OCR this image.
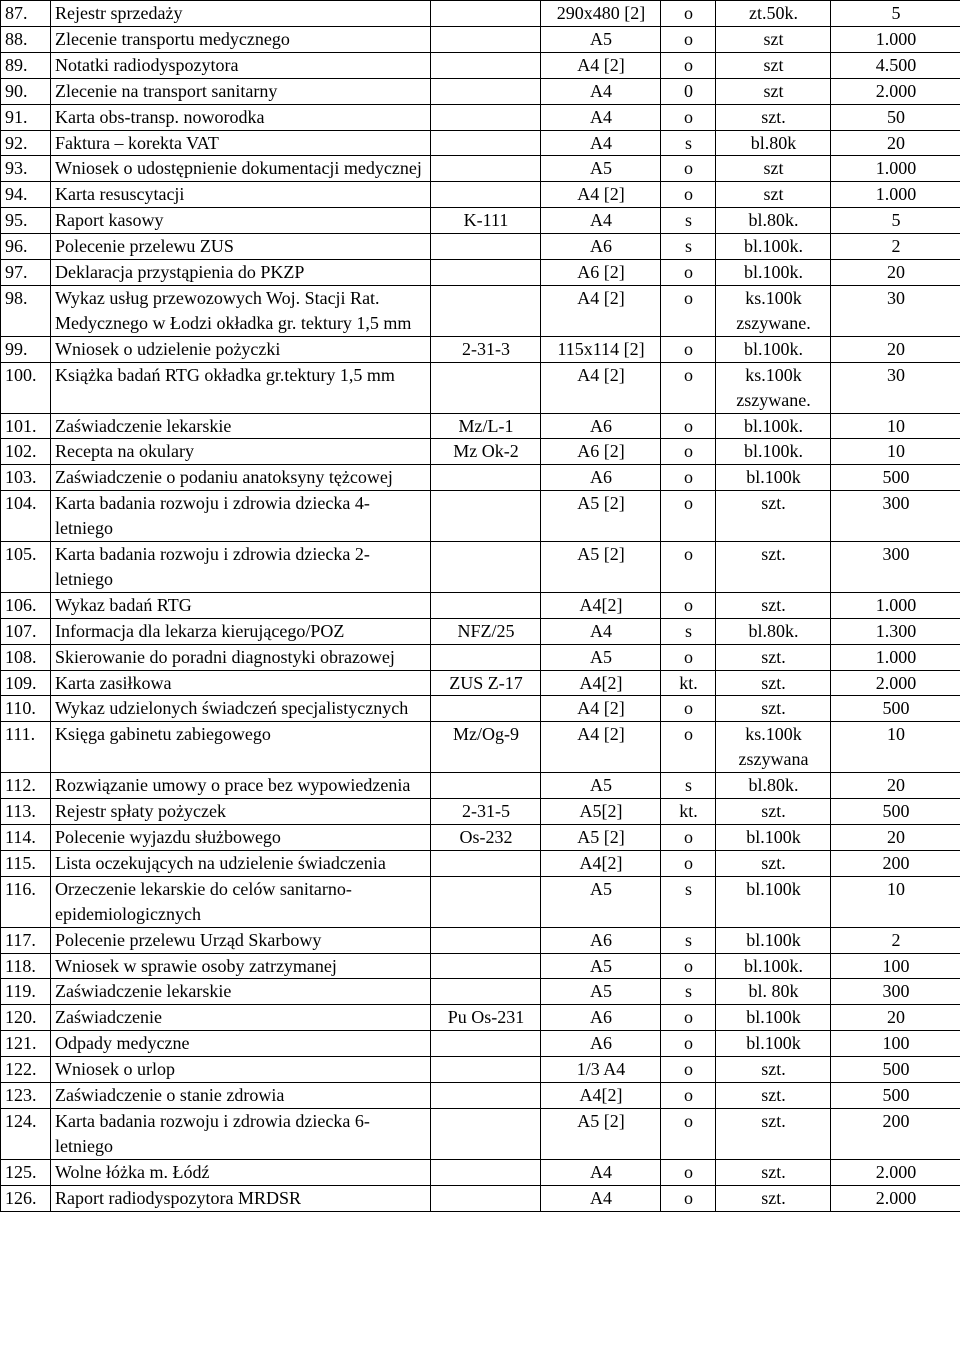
87.	Rejestr sprzedaży		290x480 [2]	o	zt.50k.	5
88.	Zlecenie transportu medycznego		A5	o	szt	1.000
89.	Notatki radiodyspozytora		A4 [2]	o	szt	4.500
90.	Zlecenie na transport sanitarny		A4	0	szt	2.000
91.	Karta obs-transp. noworodka		A4	o	szt.	50
92.	Faktura – korekta VAT		A4	s	bl.80k	20
93.	Wniosek o udostępnienie dokumentacji medycznej		A5	o	szt	1.000
94.	Karta resuscytacji		A4 [2]	o	szt	1.000
95.	Raport kasowy	K-111	A4	s	bl.80k.	5
96.	Polecenie przelewu ZUS		A6	s	bl.100k.	2
97.	Deklaracja przystąpienia do PKZP		A6 [2]	o	bl.100k.	20
98.	Wykaz usług przewozowych Woj. Stacji Rat. Medycznego w Łodzi okładka gr. tektury 1,5 mm		A4 [2]	o	ks.100k zszywane.	30
99.	Wniosek o udzielenie pożyczki	2-31-3	115x114 [2]	o	bl.100k.	20
100.	Książka badań RTG okładka gr.tektury 1,5 mm		A4 [2]	o	ks.100k zszywane.	30
101.	Zaświadczenie lekarskie	Mz/L-1	A6	o	bl.100k.	10
102.	Recepta na okulary	Mz Ok-2	A6 [2]	o	bl.100k.	10
103.	Zaświadczenie o podaniu anatoksyny tężcowej		A6	o	bl.100k	500
104.	Karta badania rozwoju i zdrowia dziecka 4-letniego		A5 [2]	o	szt.	300
105.	Karta badania rozwoju i zdrowia dziecka 2-letniego		A5 [2]	o	szt.	300
106.	Wykaz badań RTG		A4[2]	o	szt.	1.000
107.	Informacja dla lekarza kierującego/POZ	NFZ/25	A4	s	bl.80k.	1.300
108.	Skierowanie do poradni diagnostyki obrazowej		A5	o	szt.	1.000
109.	Karta zasiłkowa	ZUS Z-17	A4[2]	kt.	szt.	2.000
110.	Wykaz udzielonych świadczeń specjalistycznych		A4 [2]	o	szt.	500
111.	Księga gabinetu zabiegowego	Mz/Og-9	A4 [2]	o	ks.100k zszywana	10
112.	Rozwiązanie umowy o prace bez wypowiedzenia		A5	s	bl.80k.	20
113.	Rejestr spłaty pożyczek	2-31-5	A5[2]	kt.	szt.	500
114.	Polecenie wyjazdu służbowego	Os-232	A5 [2]	o	bl.100k	20
115.	Lista oczekujących na udzielenie świadczenia		A4[2]	o	szt.	200
116.	Orzeczenie lekarskie do celów sanitarno-epidemiologicznych		A5	s	bl.100k	10
117.	Polecenie przelewu Urząd Skarbowy		A6	s	bl.100k	2
118.	Wniosek w sprawie osoby zatrzymanej		A5	o	bl.100k.	100
119.	Zaświadczenie lekarskie		A5	s	bl. 80k	300
120.	Zaświadczenie	Pu Os-231	A6	o	bl.100k	20
121.	Odpady medyczne		A6	o	bl.100k	100
122.	Wniosek o urlop		1/3 A4	o	szt.	500
123.	Zaświadczenie o stanie zdrowia		A4[2]	o	szt.	500
124.	Karta badania rozwoju i zdrowia dziecka 6-letniego		A5 [2]	o	szt.	200
125.	Wolne łóżka m. Łódź		A4	o	szt.	2.000
126.	Raport radiodyspozytora MRDSR		A4	o	szt.	2.000
